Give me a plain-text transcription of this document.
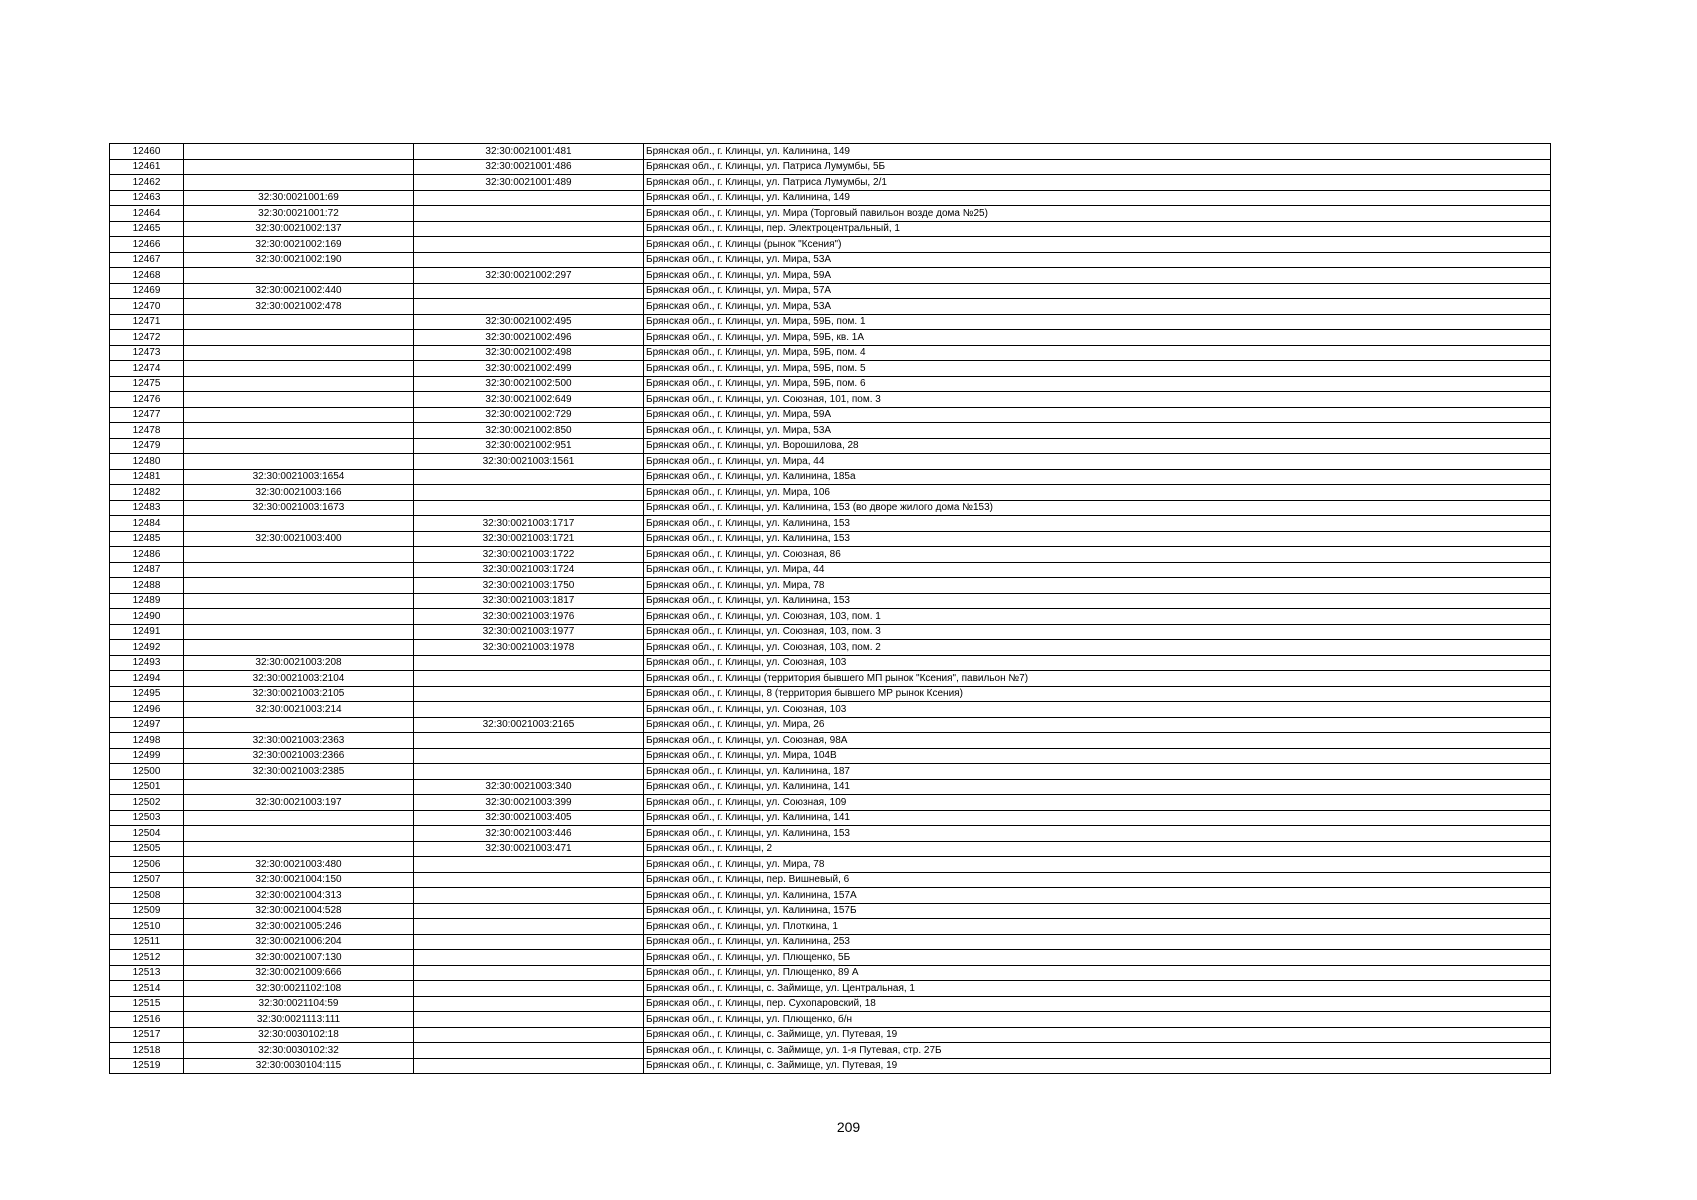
12460		32:30:0021001:481	Брянская обл., г. Клинцы, ул. Калинина, 149
12461		32:30:0021001:486	Брянская обл., г. Клинцы, ул. Патриса Лумумбы, 5Б
12462		32:30:0021001:489	Брянская обл., г. Клинцы, ул. Патриса Лумумбы, 2/1
12463	32:30:0021001:69		Брянская обл., г. Клинцы, ул. Калинина, 149
12464	32:30:0021001:72		Брянская обл., г. Клинцы, ул. Мира (Торговый павильон возде дома №25)
12465	32:30:0021002:137		Брянская обл., г. Клинцы, пер. Электроцентральный, 1
12466	32:30:0021002:169		Брянская обл., г. Клинцы (рынок "Ксения")
12467	32:30:0021002:190		Брянская обл., г. Клинцы, ул. Мира, 53А
12468		32:30:0021002:297	Брянская обл., г. Клинцы, ул. Мира, 59А
12469	32:30:0021002:440		Брянская обл., г. Клинцы, ул. Мира, 57А
12470	32:30:0021002:478		Брянская обл., г. Клинцы, ул. Мира, 53А
12471		32:30:0021002:495	Брянская обл., г. Клинцы, ул. Мира, 59Б, пом. 1
12472		32:30:0021002:496	Брянская обл., г. Клинцы, ул. Мира, 59Б, кв. 1А
12473		32:30:0021002:498	Брянская обл., г. Клинцы, ул. Мира, 59Б, пом. 4
12474		32:30:0021002:499	Брянская обл., г. Клинцы, ул. Мира, 59Б, пом. 5
12475		32:30:0021002:500	Брянская обл., г. Клинцы, ул. Мира, 59Б, пом. 6
12476		32:30:0021002:649	Брянская обл., г. Клинцы, ул. Союзная, 101, пом. 3
12477		32:30:0021002:729	Брянская обл., г. Клинцы, ул. Мира, 59А
12478		32:30:0021002:850	Брянская обл., г. Клинцы, ул. Мира, 53А
12479		32:30:0021002:951	Брянская обл., г. Клинцы, ул. Ворошилова, 28
12480		32:30:0021003:1561	Брянская обл., г. Клинцы, ул. Мира, 44
12481	32:30:0021003:1654		Брянская обл., г. Клинцы, ул. Калинина, 185а
12482	32:30:0021003:166		Брянская обл., г. Клинцы, ул. Мира, 106
12483	32:30:0021003:1673		Брянская обл., г. Клинцы, ул. Калинина, 153 (во дворе жилого дома №153)
12484		32:30:0021003:1717	Брянская обл., г. Клинцы, ул. Калинина, 153
12485	32:30:0021003:400	32:30:0021003:1721	Брянская обл., г. Клинцы, ул. Калинина, 153
12486		32:30:0021003:1722	Брянская обл., г. Клинцы, ул. Союзная, 86
12487		32:30:0021003:1724	Брянская обл., г. Клинцы, ул. Мира, 44
12488		32:30:0021003:1750	Брянская обл., г. Клинцы, ул. Мира, 78
12489		32:30:0021003:1817	Брянская обл., г. Клинцы, ул. Калинина, 153
12490		32:30:0021003:1976	Брянская обл., г. Клинцы, ул. Союзная, 103, пом. 1
12491		32:30:0021003:1977	Брянская обл., г. Клинцы, ул. Союзная, 103, пом. 3
12492		32:30:0021003:1978	Брянская обл., г. Клинцы, ул. Союзная, 103, пом. 2
12493	32:30:0021003:208		Брянская обл., г. Клинцы, ул. Союзная, 103
12494	32:30:0021003:2104		Брянская обл., г. Клинцы (территория бывшего МП рынок "Ксения", павильон №7)
12495	32:30:0021003:2105		Брянская обл., г. Клинцы, 8 (территория бывшего МР рынок Ксения)
12496	32:30:0021003:214		Брянская обл., г. Клинцы, ул. Союзная, 103
12497		32:30:0021003:2165	Брянская обл., г. Клинцы, ул. Мира, 26
12498	32:30:0021003:2363		Брянская обл., г. Клинцы, ул. Союзная, 98А
12499	32:30:0021003:2366		Брянская обл., г. Клинцы, ул. Мира, 104В
12500	32:30:0021003:2385		Брянская обл., г. Клинцы, ул. Калинина, 187
12501		32:30:0021003:340	Брянская обл., г. Клинцы, ул. Калинина, 141
12502	32:30:0021003:197	32:30:0021003:399	Брянская обл., г. Клинцы, ул. Союзная, 109
12503		32:30:0021003:405	Брянская обл., г. Клинцы, ул. Калинина, 141
12504		32:30:0021003:446	Брянская обл., г. Клинцы, ул. Калинина, 153
12505		32:30:0021003:471	Брянская обл., г. Клинцы, 2
12506	32:30:0021003:480		Брянская обл., г. Клинцы, ул. Мира, 78
12507	32:30:0021004:150		Брянская обл., г. Клинцы, пер. Вишневый, 6
12508	32:30:0021004:313		Брянская обл., г. Клинцы, ул. Калинина, 157А
12509	32:30:0021004:528		Брянская обл., г. Клинцы, ул. Калинина, 157Б
12510	32:30:0021005:246		Брянская обл., г. Клинцы, ул. Плоткина, 1
12511	32:30:0021006:204		Брянская обл., г. Клинцы, ул. Калинина, 253
12512	32:30:0021007:130		Брянская обл., г. Клинцы, ул. Плющенко, 5Б
12513	32:30:0021009:666		Брянская обл., г. Клинцы, ул. Плющенко, 89 А
12514	32:30:0021102:108		Брянская обл., г. Клинцы, с. Займище, ул. Центральная, 1
12515	32:30:0021104:59		Брянская обл., г. Клинцы, пер. Сухопаровский, 18
12516	32:30:0021113:111		Брянская обл., г. Клинцы, ул. Плющенко, б/н
12517	32:30:0030102:18		Брянская обл., г. Клинцы, с. Займище, ул. Путевая, 19
12518	32:30:0030102:32		Брянская обл., г. Клинцы, с. Займище, ул. 1-я Путевая, стр. 27Б
12519	32:30:0030104:115		Брянская обл., г. Клинцы, с. Займище, ул. Путевая, 19
209
